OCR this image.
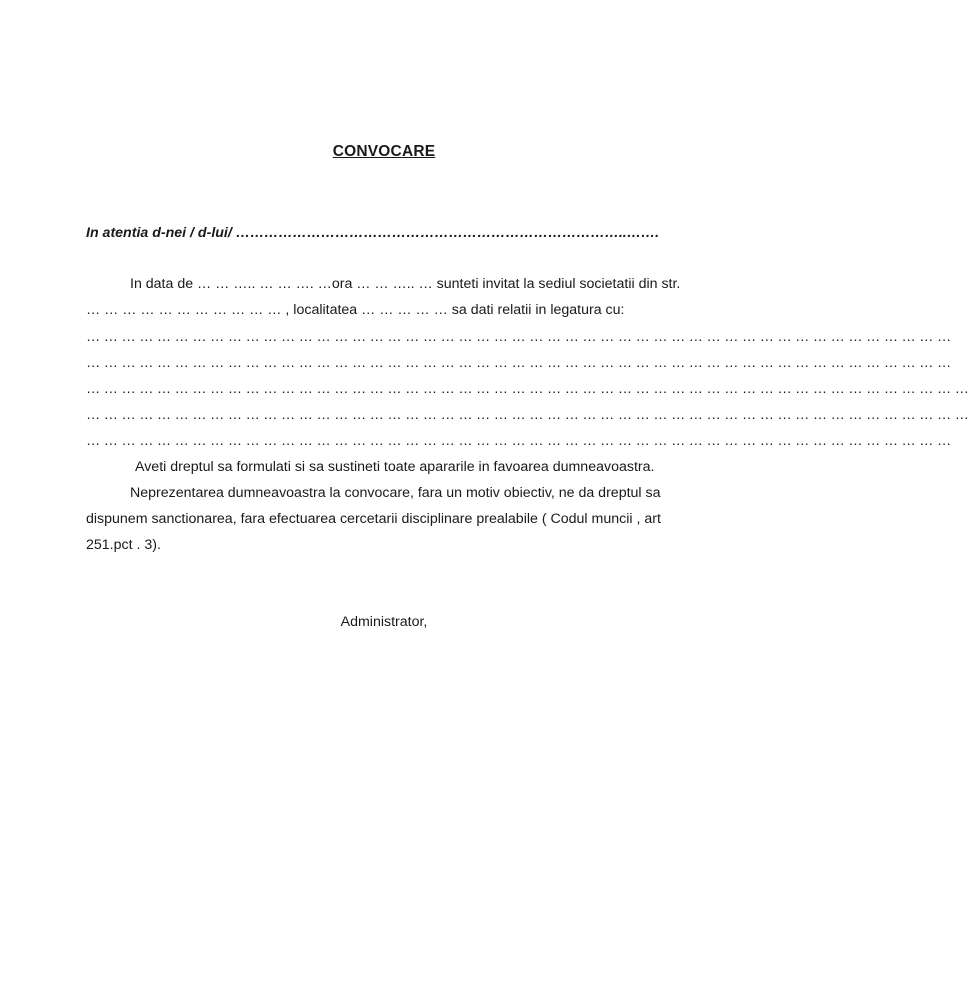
CONVOCARE
In atentia d-nei / d-lui/ ………………………………………………………………………..…….
In data de … … ….. … … …. …ora … … ….. … sunteti invitat la sediul societatii din str.
… … … … … … … … … … … , localitatea … … … … … sa dati relatii in legatura cu:
… … … … … … … … … … … … … … … … … … … … … … … … … … … … … … … … … … … … … … … … … … … … … … … … …
… … … … … … … … … … … … … … … … … … … … … … … … … … … … … … … … … … … … … … … … … … … … … … … … …
… … … … … … … … … … … … … … … … … … … … … … … … … … … … … … … … … … … … … … … … … … … … … … … … … …
… … … … … … … … … … … … … … … … … … … … … … … … … … … … … … … … … … … … … … … … … … … … … … … … … …
… … … … … … … … … … … … … … … … … … … … … … … … … … … … … … … … … … … … … … … … … … … … … … … … …
Aveti dreptul sa formulati si sa sustineti toate apararile in favoarea dumneavoastra.
Neprezentarea dumneavoastra la convocare, fara un motiv obiectiv, ne da dreptul sa
dispunem sanctionarea, fara efectuarea cercetarii disciplinare prealabile ( Codul muncii , art
251.pct . 3).
Administrator,
